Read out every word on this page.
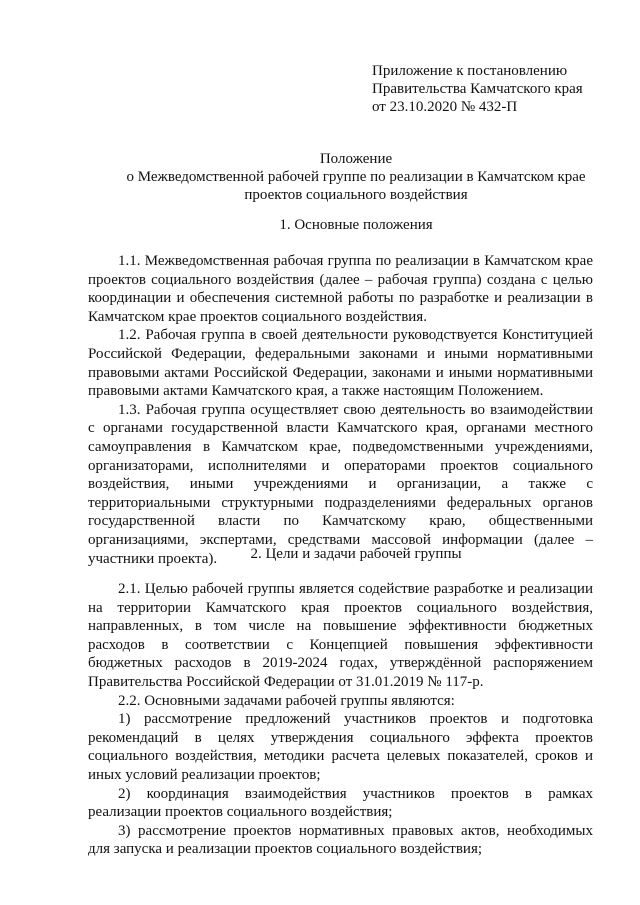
Приложение к постановлению
Правительства Камчатского края
от 23.10.2020 № 432-П
Положение
о Межведомственной рабочей группе по реализации в Камчатском крае
проектов социального воздействия
1. Основные положения

1.1. Межведомственная рабочая группа по реализации в Камчатском крае проектов социального воздействия (далее – рабочая группа) создана с целью координации и обеспечения системной работы по разработке и реализации в Камчатском крае проектов социального воздействия.

1.2. Рабочая группа в своей деятельности руководствуется Конституцией Российской Федерации, федеральными законами и иными нормативными правовыми актами Российской Федерации, законами и иными нормативными правовыми актами Камчатского края, а также настоящим Положением.

1.3. Рабочая группа осуществляет свою деятельность во взаимодействии с органами государственной власти Камчатского края, органами местного самоуправления в Камчатском крае, подведомственными учреждениями, организаторами, исполнителями и операторами проектов социального воздействия, иными учреждениями и организации, а также с территориальными структурными подразделениями федеральных органов государственной власти по Камчатскому краю, общественными организациями, экспертами, средствами массовой информации (далее – участники проекта).	2. Цели и задачи рабочей группы

2.1. Целью рабочей группы является содействие разработке и реализации на территории Камчатского края проектов социального воздействия, направленных, в том числе на повышение эффективности бюджетных расходов в соответствии с Концепцией повышения эффективности бюджетных расходов в 2019-2024 годах, утверждённой распоряжением Правительства Российской Федерации от 31.01.2019 № 117-р.

2.2. Основными задачами рабочей группы являются:

1) рассмотрение предложений участников проектов и подготовка рекомендаций в целях утверждения социального эффекта проектов социального воздействия, методики расчета целевых показателей, сроков и иных условий реализации проектов;

2) координация взаимодействия участников проектов в рамках реализации проектов социального воздействия;

3) рассмотрение проектов нормативных правовых актов, необходимых для запуска и реализации проектов социального воздействия;
